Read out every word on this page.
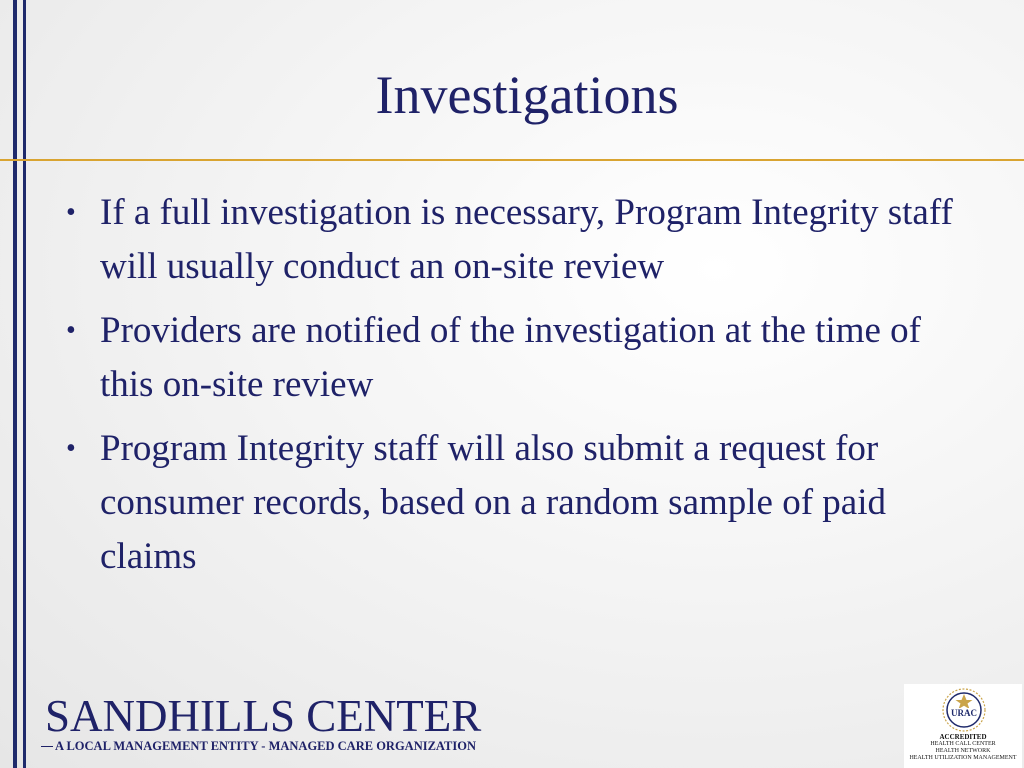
Investigations
• If a full investigation is necessary, Program Integrity staff will usually conduct an on-site review
• Providers are notified of the investigation at the time of this on-site review
• Program Integrity staff will also submit a request for consumer records, based on a random sample of paid claims
SANDHILLS CENTER
A LOCAL MANAGEMENT ENTITY - MANAGED CARE ORGANIZATION
URAC
ACCREDITED
HEALTH CALL CENTER
HEALTH NETWORK
HEALTH UTILIZATION MANAGEMENT
